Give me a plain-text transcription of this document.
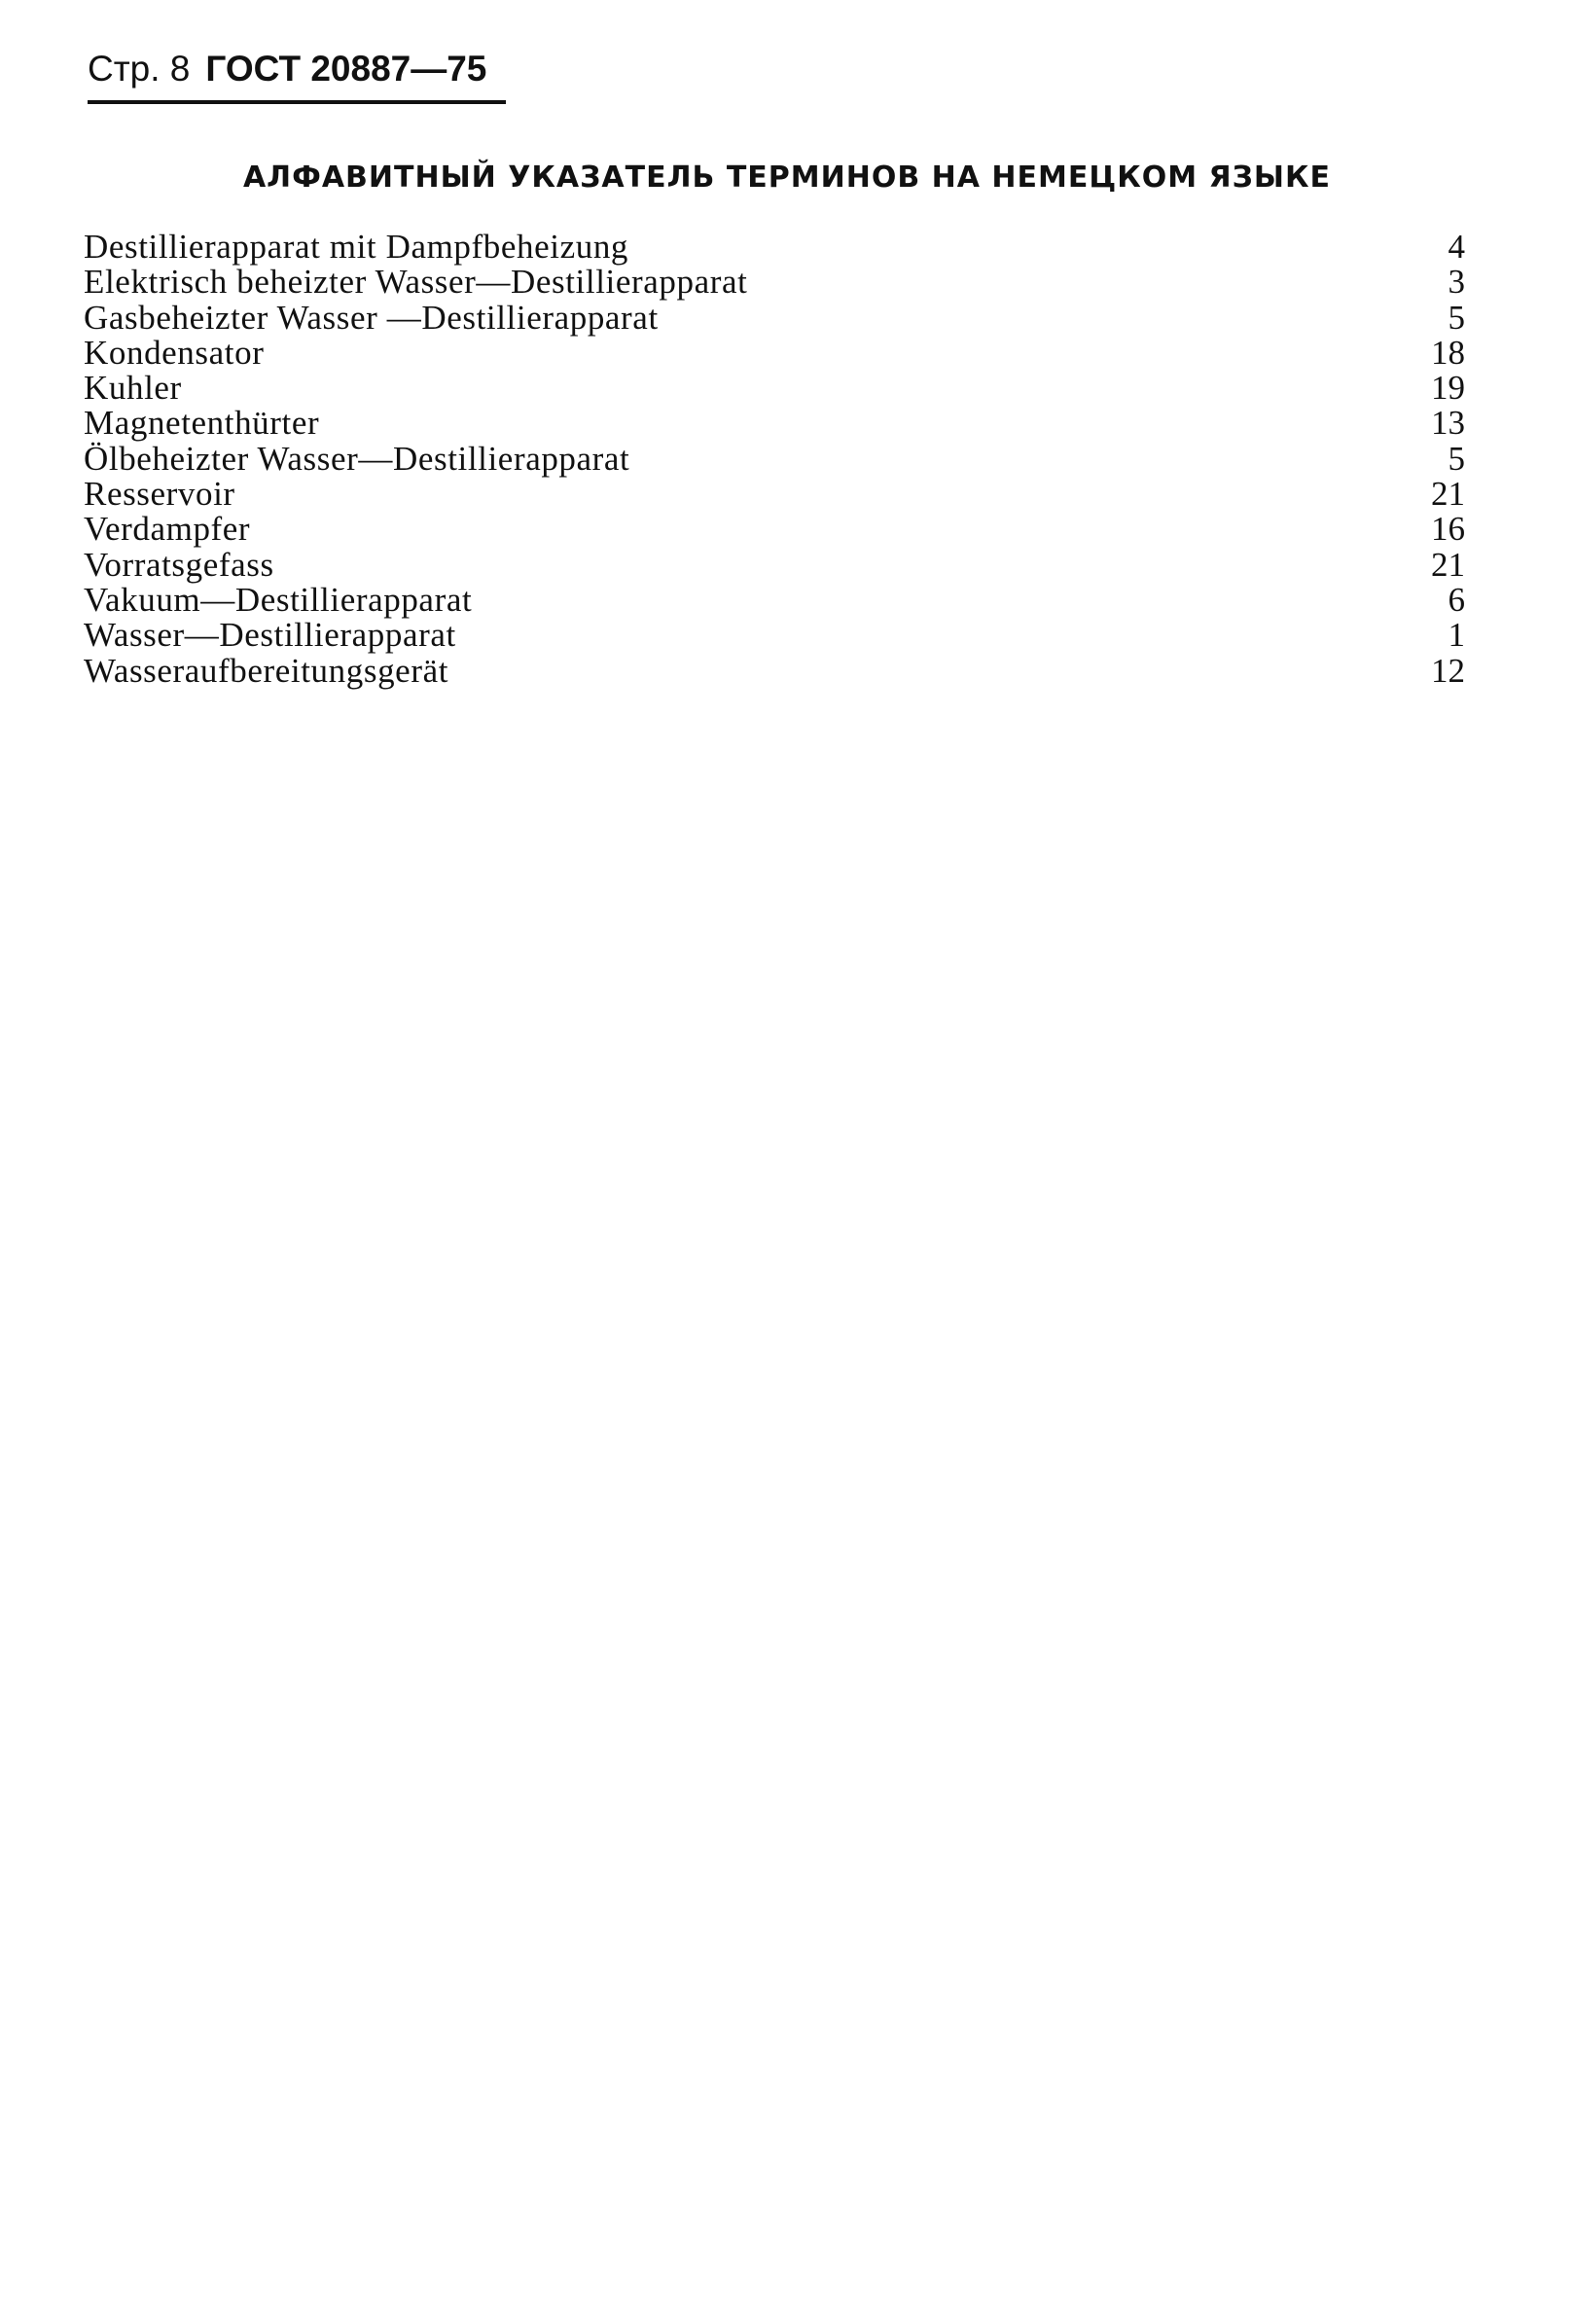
Стр. 8 ГОСТ 20887—75
АЛФАВИТНЫЙ УКАЗАТЕЛЬ ТЕРМИНОВ НА НЕМЕЦКОМ ЯЗЫКЕ
Destillierapparat mit Dampfbeheizung	4
Elektrisch beheizter Wasser—Destillierapparat	3
Gasbeheizter Wasser —Destillierapparat	5
Kondensator	18
Kuhler	19
Magnetenthürter	13
Ölbeheizter Wasser—Destillierapparat	5
Resservoir	21
Verdampfer	16
Vorratsgefass	21
Vakuum—Destillierapparat	6
Wasser—Destillierapparat	1
Wasseraufbereitungsgerät	12
